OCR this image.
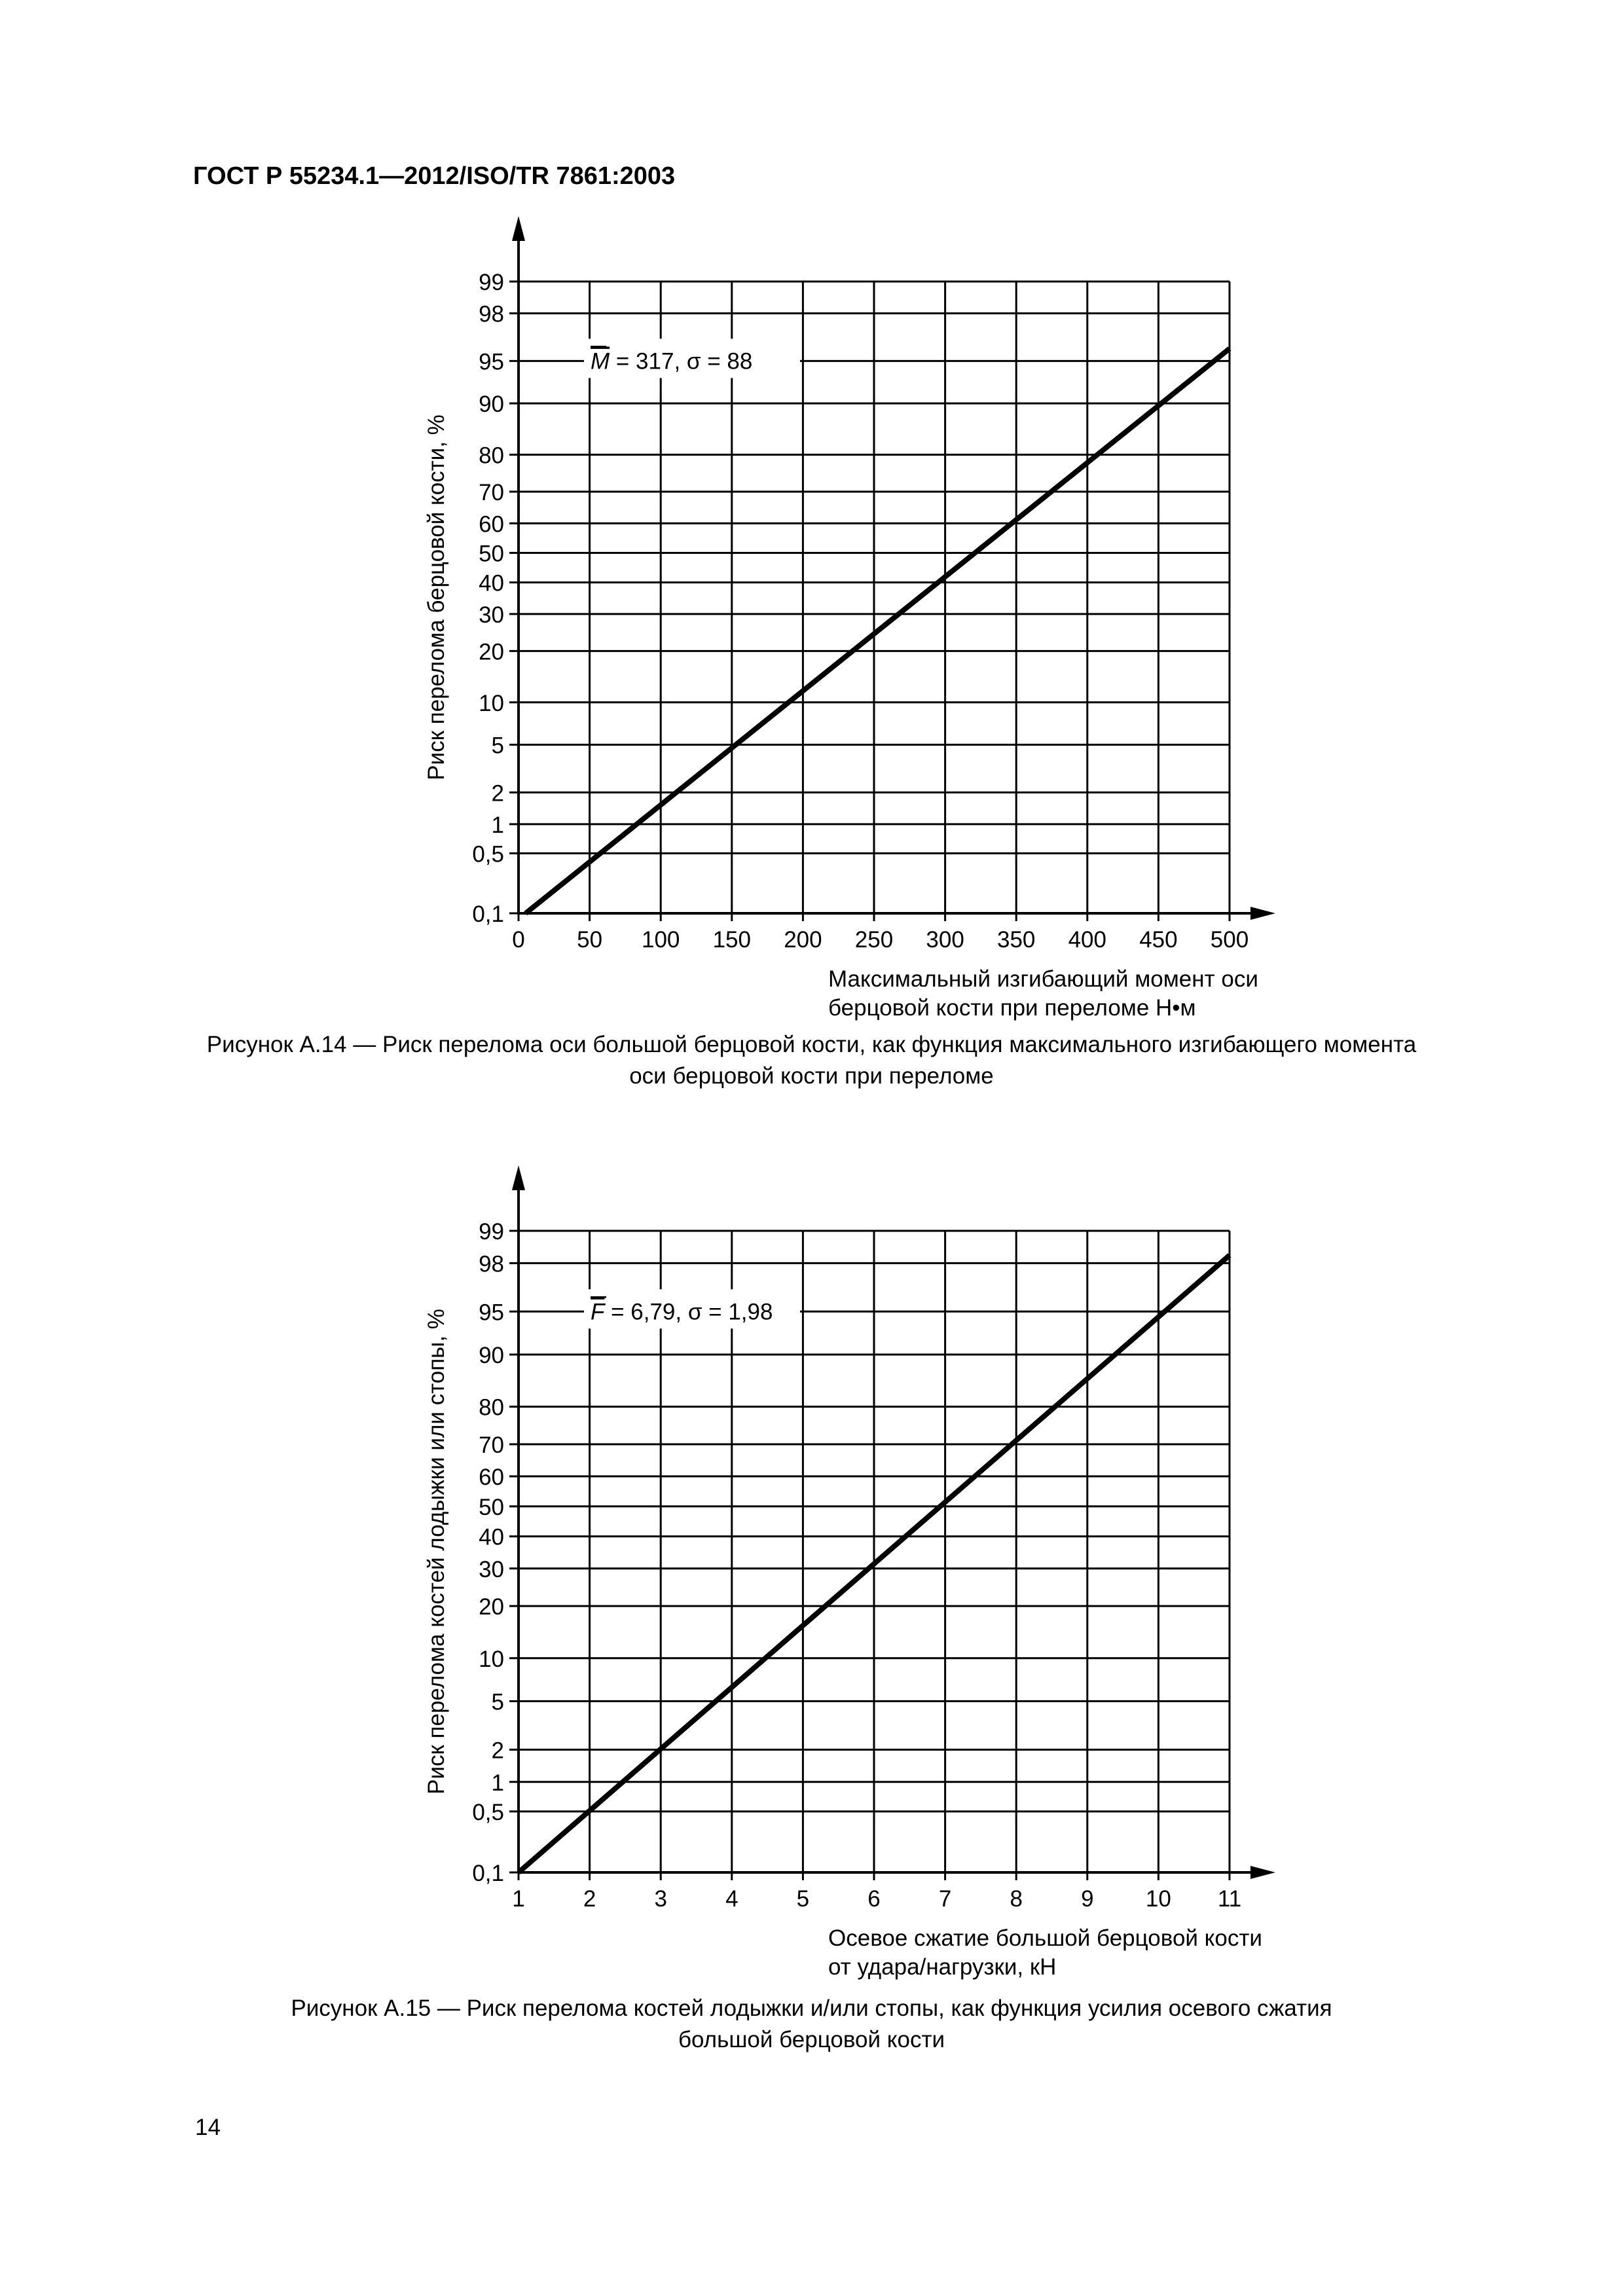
ГОСТ Р 55234.1—2012/ISO/TR 7861:2003
0,1
0,5
1
2
5
10
20
30
40
50
60
70
80
90
95
98
99
0 50 100 150 200 250 300 350 400 450 500
M = 317, σ = 88
Риск перелома берцовой кости, %
Максимальный изгибающий момент оси
берцовой кости при переломе Н•м
Рисунок А.14 — Риск перелома оси большой берцовой кости, как функция максимального изгибающего момента
оси берцовой кости при переломе
0,1
0,5
1
2
5
10
20
30
40
50
60
70
80
90
95
98
99
1	2	3	4	5	6	7	8	9 10 11
F = 6,79, σ = 1,98
Риск перелома костей лодыжки или стопы, %
Осевое сжатие большой берцовой кости
от удара/нагрузки, кН
Рисунок А.15 — Риск перелома костей лодыжки и/или стопы, как функция усилия осевого сжатия
большой берцовой кости
14
